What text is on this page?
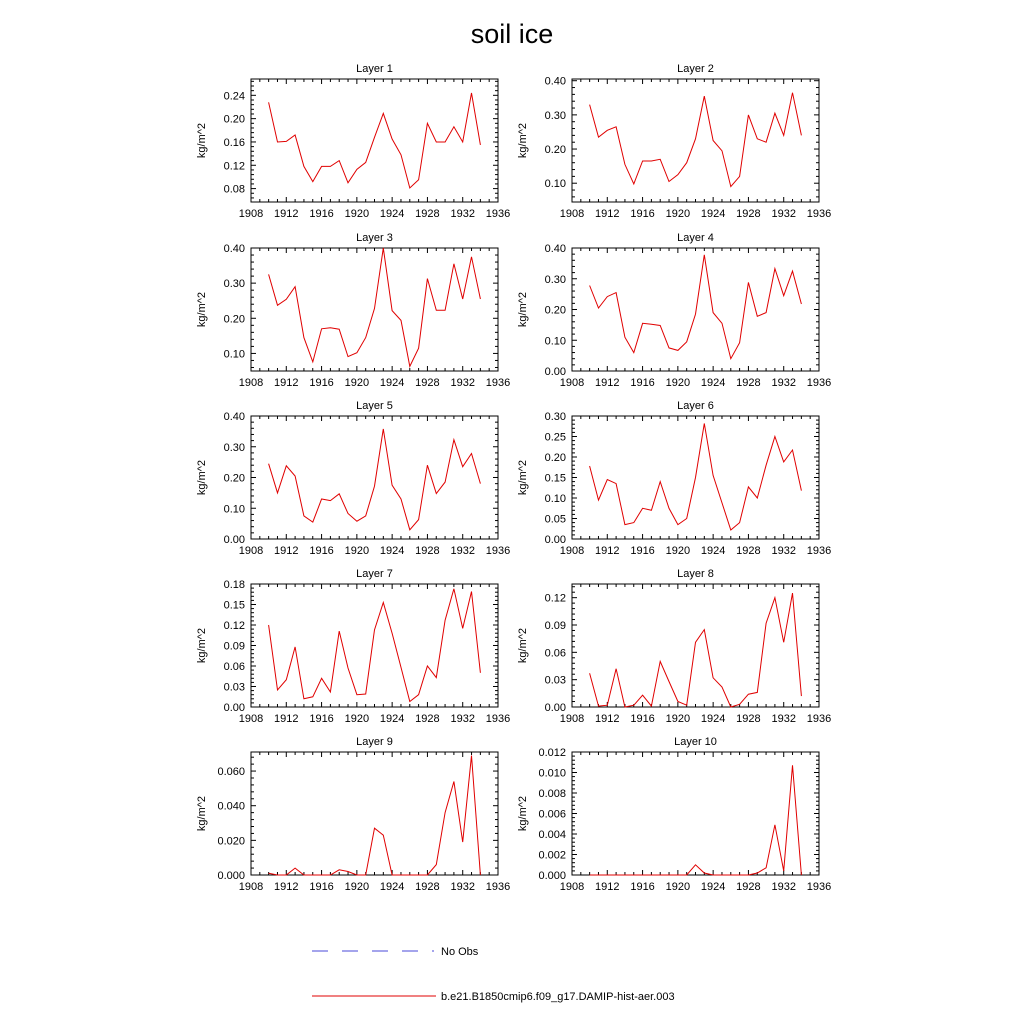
soil ice
Layer 1
kg/m^2
1908 1912 1916 1920 1924 1928 1932 1936
0.08
0.12
0.16
0.20
0.24
Layer 2
kg/m^2
1908 1912 1916 1920 1924 1928 1932 1936
0.10
0.20
0.30
0.40
Layer 3
kg/m^2
1908 1912 1916 1920 1924 1928 1932 1936
0.10
0.20
0.30
0.40
Layer 4
kg/m^2
1908 1912 1916 1920 1924 1928 1932 1936
0.00
0.10
0.20
0.30
0.40
Layer 5
kg/m^2
1908 1912 1916 1920 1924 1928 1932 1936
0.00
0.10
0.20
0.30
0.40
Layer 6
kg/m^2
1908 1912 1916 1920 1924 1928 1932 1936
0.00
0.05
0.10
0.15
0.20
0.25
0.30
Layer 7
kg/m^2
1908 1912 1916 1920 1924 1928 1932 1936
0.00
0.03
0.06
0.09
0.12
0.15
0.18
Layer 8
kg/m^2
1908 1912 1916 1920 1924 1928 1932 1936
0.00
0.03
0.06
0.09
0.12
Layer 9
kg/m^2
1908 1912 1916 1920 1924 1928 1932 1936
0.000
0.020
0.040
0.060
Layer 10
kg/m^2
1908 1912 1916 1920 1924 1928 1932 1936
0.000
0.002
0.004
0.006
0.008
0.010
0.012
No Obs
b.e21.B1850cmip6.f09_g17.DAMIP-hist-aer.003
